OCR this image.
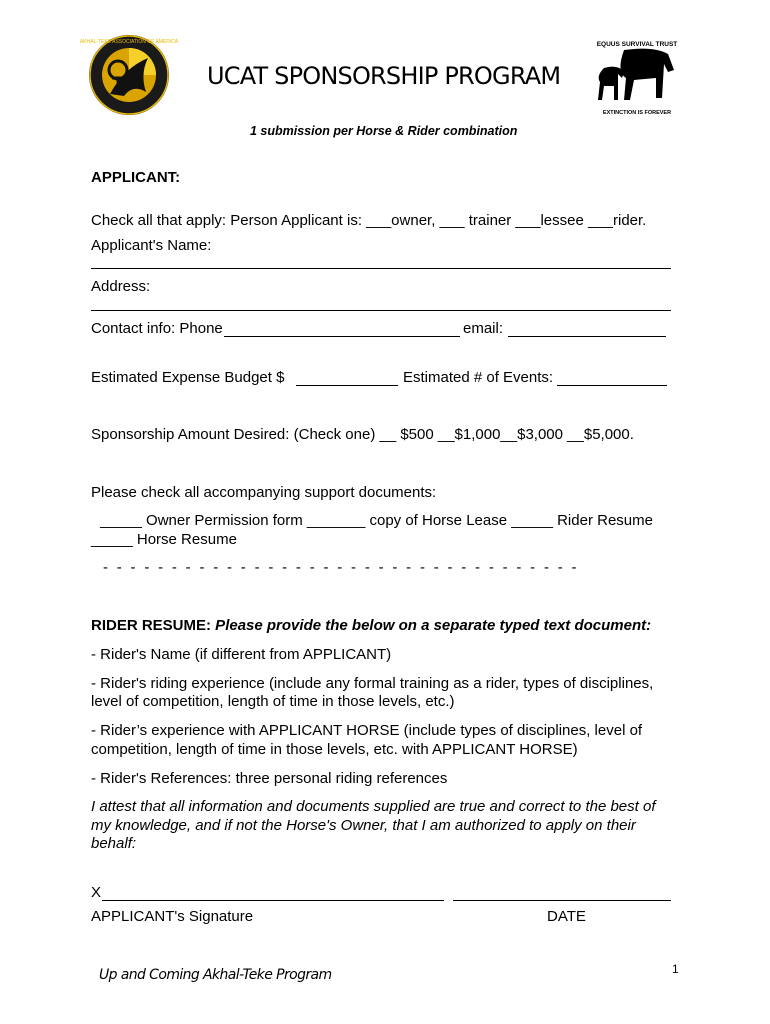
AKHAL-TEKE ASSOCIATION OF AMERICA	EQUUS SURVIVAL TRUST
EXTINCTION IS FOREVER
UCAT SPONSORSHIP PROGRAM
1 submission per Horse & Rider combination
APPLICANT:
Check all that apply: Person Applicant is: ___owner, ___ trainer ___lessee ___rider.
Applicant's Name:
Address:
Contact info: Phone	email:
Estimated Expense Budget $	Estimated # of Events:
Sponsorship Amount Desired: (Check one) __ $500 __$1,000__$3,000 __$5,000.
Please check all accompanying support documents:
_____ Owner Permission form _______ copy of Horse Lease _____ Rider Resume
_____ Horse Resume
-  -  -  -  -  -  -  -  -  -  -  -  -  -  -  -  -  -  -  -  -  -  -  -  -  -  -  -  -  -  -  -  -  -  -
RIDER RESUME: Please provide the below on a separate typed text document:
- Rider's Name (if different from APPLICANT)
- Rider's riding experience (include any formal training as a rider, types of disciplines,
level of competition, length of time in those levels, etc.)
- Rider’s experience with APPLICANT HORSE (include types of disciplines, level of
competition, length of time in those levels, etc. with APPLICANT HORSE)
- Rider's References: three personal riding references
I attest that all information and documents supplied are true and correct to the best of
my knowledge, and if not the Horse's Owner, that I am authorized to apply on their
behalf:
X
APPLICANT's Signature	DATE
Up and Coming Akhal-Teke Program	1
